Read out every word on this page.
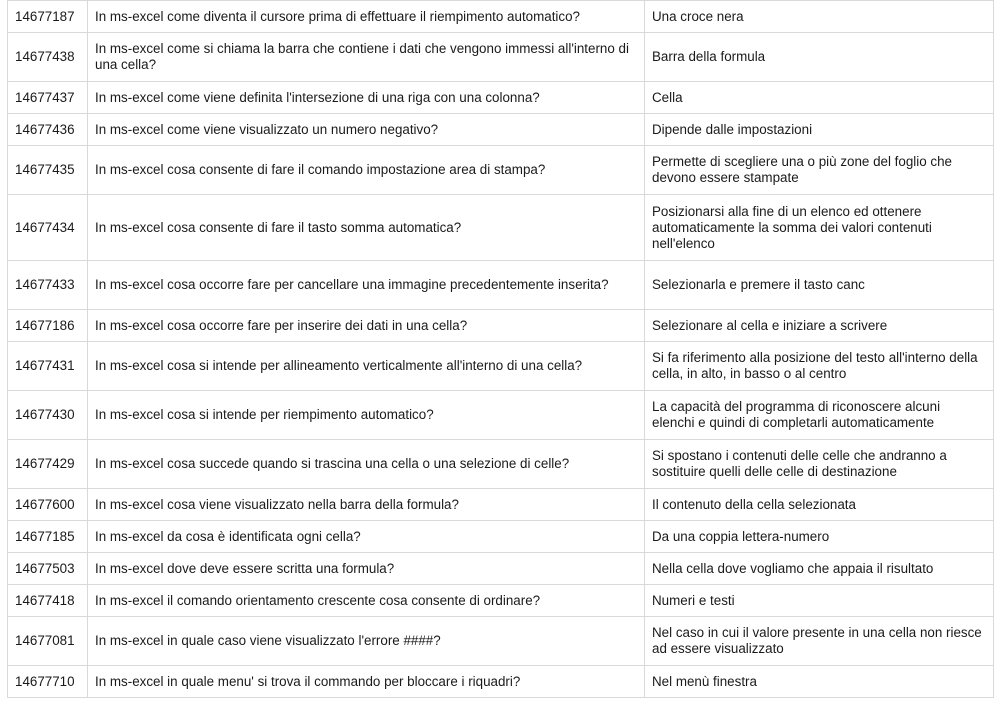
14677187	In ms-excel come diventa il cursore prima di effettuare il riempimento automatico?	Una croce nera
14677438	In ms-excel come si chiama la barra che contiene i dati che vengono immessi all'interno di una cella?	Barra della formula
14677437	In ms-excel come viene definita l'intersezione di una riga con una colonna?	Cella
14677436	In ms-excel come viene visualizzato un numero negativo?	Dipende dalle impostazioni
14677435	In ms-excel cosa consente di fare il comando impostazione area di stampa?	Permette di scegliere una o più zone del foglio che devono essere stampate
14677434	In ms-excel cosa consente di fare il tasto somma automatica?	Posizionarsi alla fine di un elenco ed ottenere automaticamente la somma dei valori contenuti nell'elenco
14677433	In ms-excel cosa occorre fare per cancellare una immagine precedentemente inserita?	Selezionarla e premere il tasto canc
14677186	In ms-excel cosa occorre fare per inserire dei dati in una cella?	Selezionare al cella e iniziare a scrivere
14677431	In ms-excel cosa si intende per allineamento verticalmente all'interno di una cella?	Si fa riferimento alla posizione del testo all'interno della cella, in alto, in basso o al centro
14677430	In ms-excel cosa si intende per riempimento automatico?	La capacità del programma di riconoscere alcuni elenchi e quindi di completarli automaticamente
14677429	In ms-excel cosa succede quando si trascina una cella o una selezione di celle?	Si spostano i contenuti delle celle che andranno a sostituire quelli delle celle di destinazione
14677600	In ms-excel cosa viene visualizzato nella barra della formula?	Il contenuto della cella selezionata
14677185	In ms-excel da cosa è identificata ogni cella?	Da una coppia lettera-numero
14677503	In ms-excel dove deve essere scritta una formula?	Nella cella dove vogliamo che appaia il risultato
14677418	In ms-excel il comando orientamento crescente cosa consente di ordinare?	Numeri e testi
14677081	In ms-excel in quale caso viene visualizzato l'errore ####?	Nel caso in cui il valore presente in una cella non riesce ad essere visualizzato
14677710	In ms-excel in quale menu' si trova il commando per bloccare i riquadri?	Nel menù finestra
